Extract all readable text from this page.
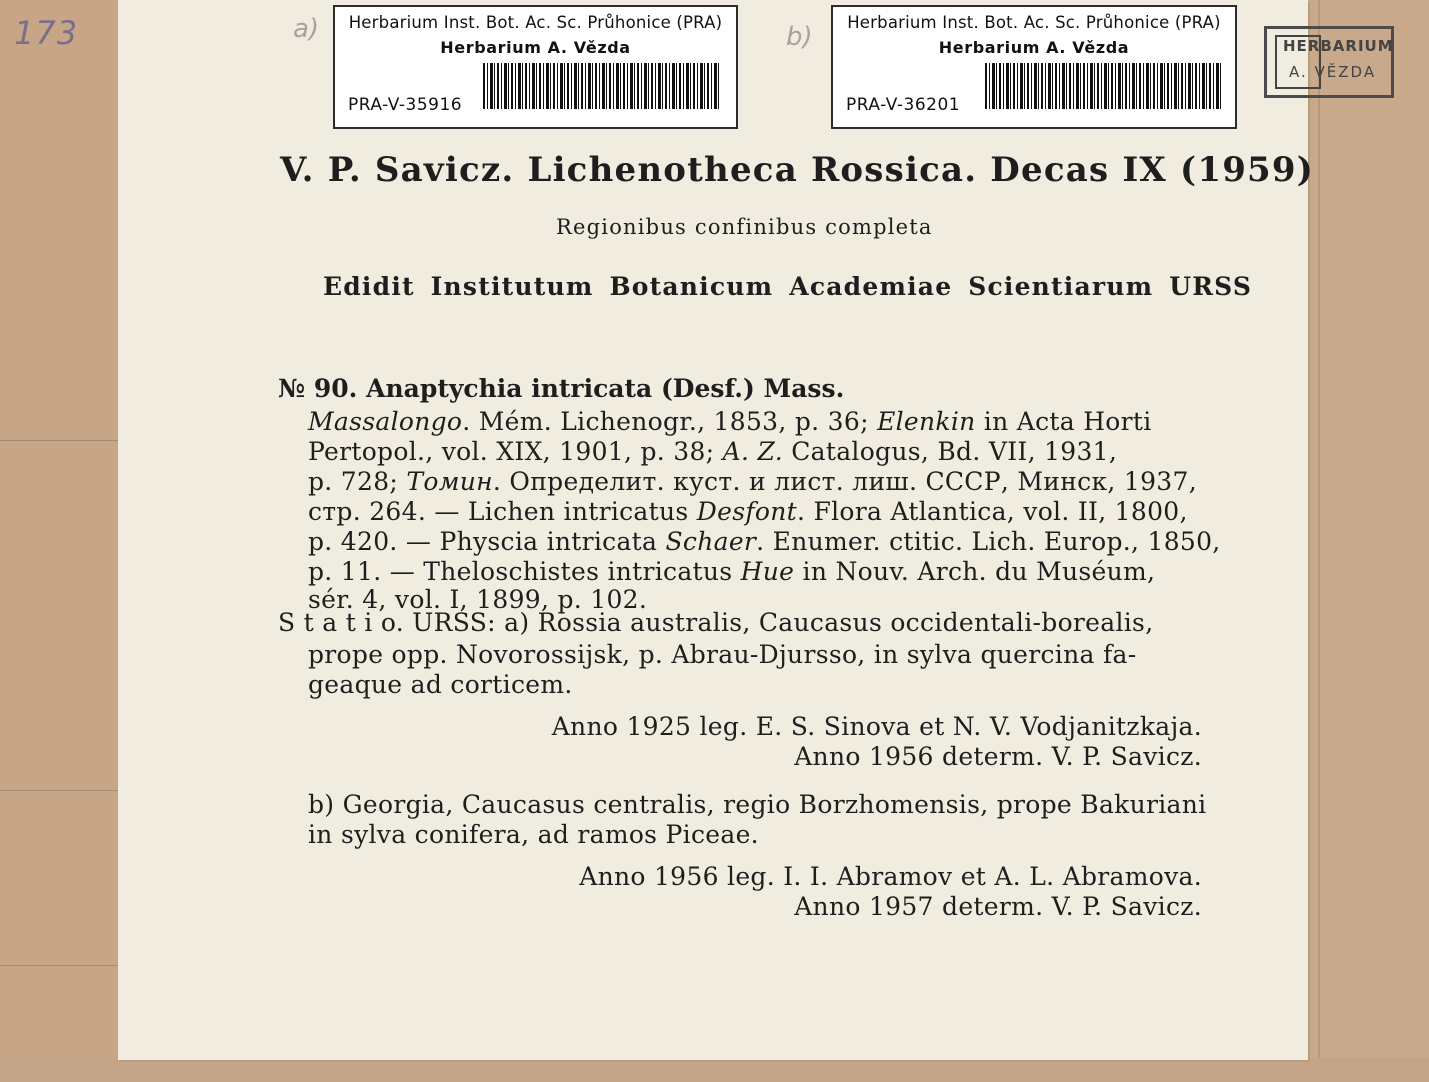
173	a)	b)
Herbarium Inst. Bot. Ac. Sc. Průhonice (PRA)
Herbarium A. Vězda
PRA-V-35916
Herbarium Inst. Bot. Ac. Sc. Průhonice (PRA)
Herbarium A. Vězda
PRA-V-36201
V. P. Savicz. Lichenotheca Rossica. Decas IX (1959)
Regionibus confinibus completa
Edidit Institutum Botanicum Academiae Scientiarum URSS
№ 90. Anaptychia intricata (Desf.) Mass.
Massalongo. Mém. Lichenogr., 1853, p. 36; Elenkin in Acta Horti
Pertopol., vol. XIX, 1901, p. 38; A. Z. Catalogus, Bd. VII, 1931,
p. 728; Томин. Определит. куст. и лист. лиш. СССР, Минск, 1937,
стр. 264. — Lichen intricatus Desfont. Flora Atlantica, vol. II, 1800,
p. 420. — Physcia intricata Schaer. Enumer. ctitic. Lich. Europ., 1850,
p. 11. — Theloschistes intricatus Hue in Nouv. Arch. du Muséum,
sér. 4, vol. I, 1899, p. 102.
S t a t i o. URSS: a) Rossia australis, Caucasus occidentali-borealis,
prope opp. Novorossijsk, p. Abrau-Djursso, in sylva quercina fa-
geaque ad corticem.
Anno 1925 leg. E. S. Sinova et N. V. Vodjanitzkaja.
Anno 1956 determ. V. P. Savicz.
b) Georgia, Caucasus centralis, regio Borzhomensis, prope Bakuriani
in sylva conifera, ad ramos Piceae.
Anno 1956 leg. I. I. Abramov et A. L. Abramova.
Anno 1957 determ. V. P. Savicz.
HERBARIUM
A. VĚZDA
